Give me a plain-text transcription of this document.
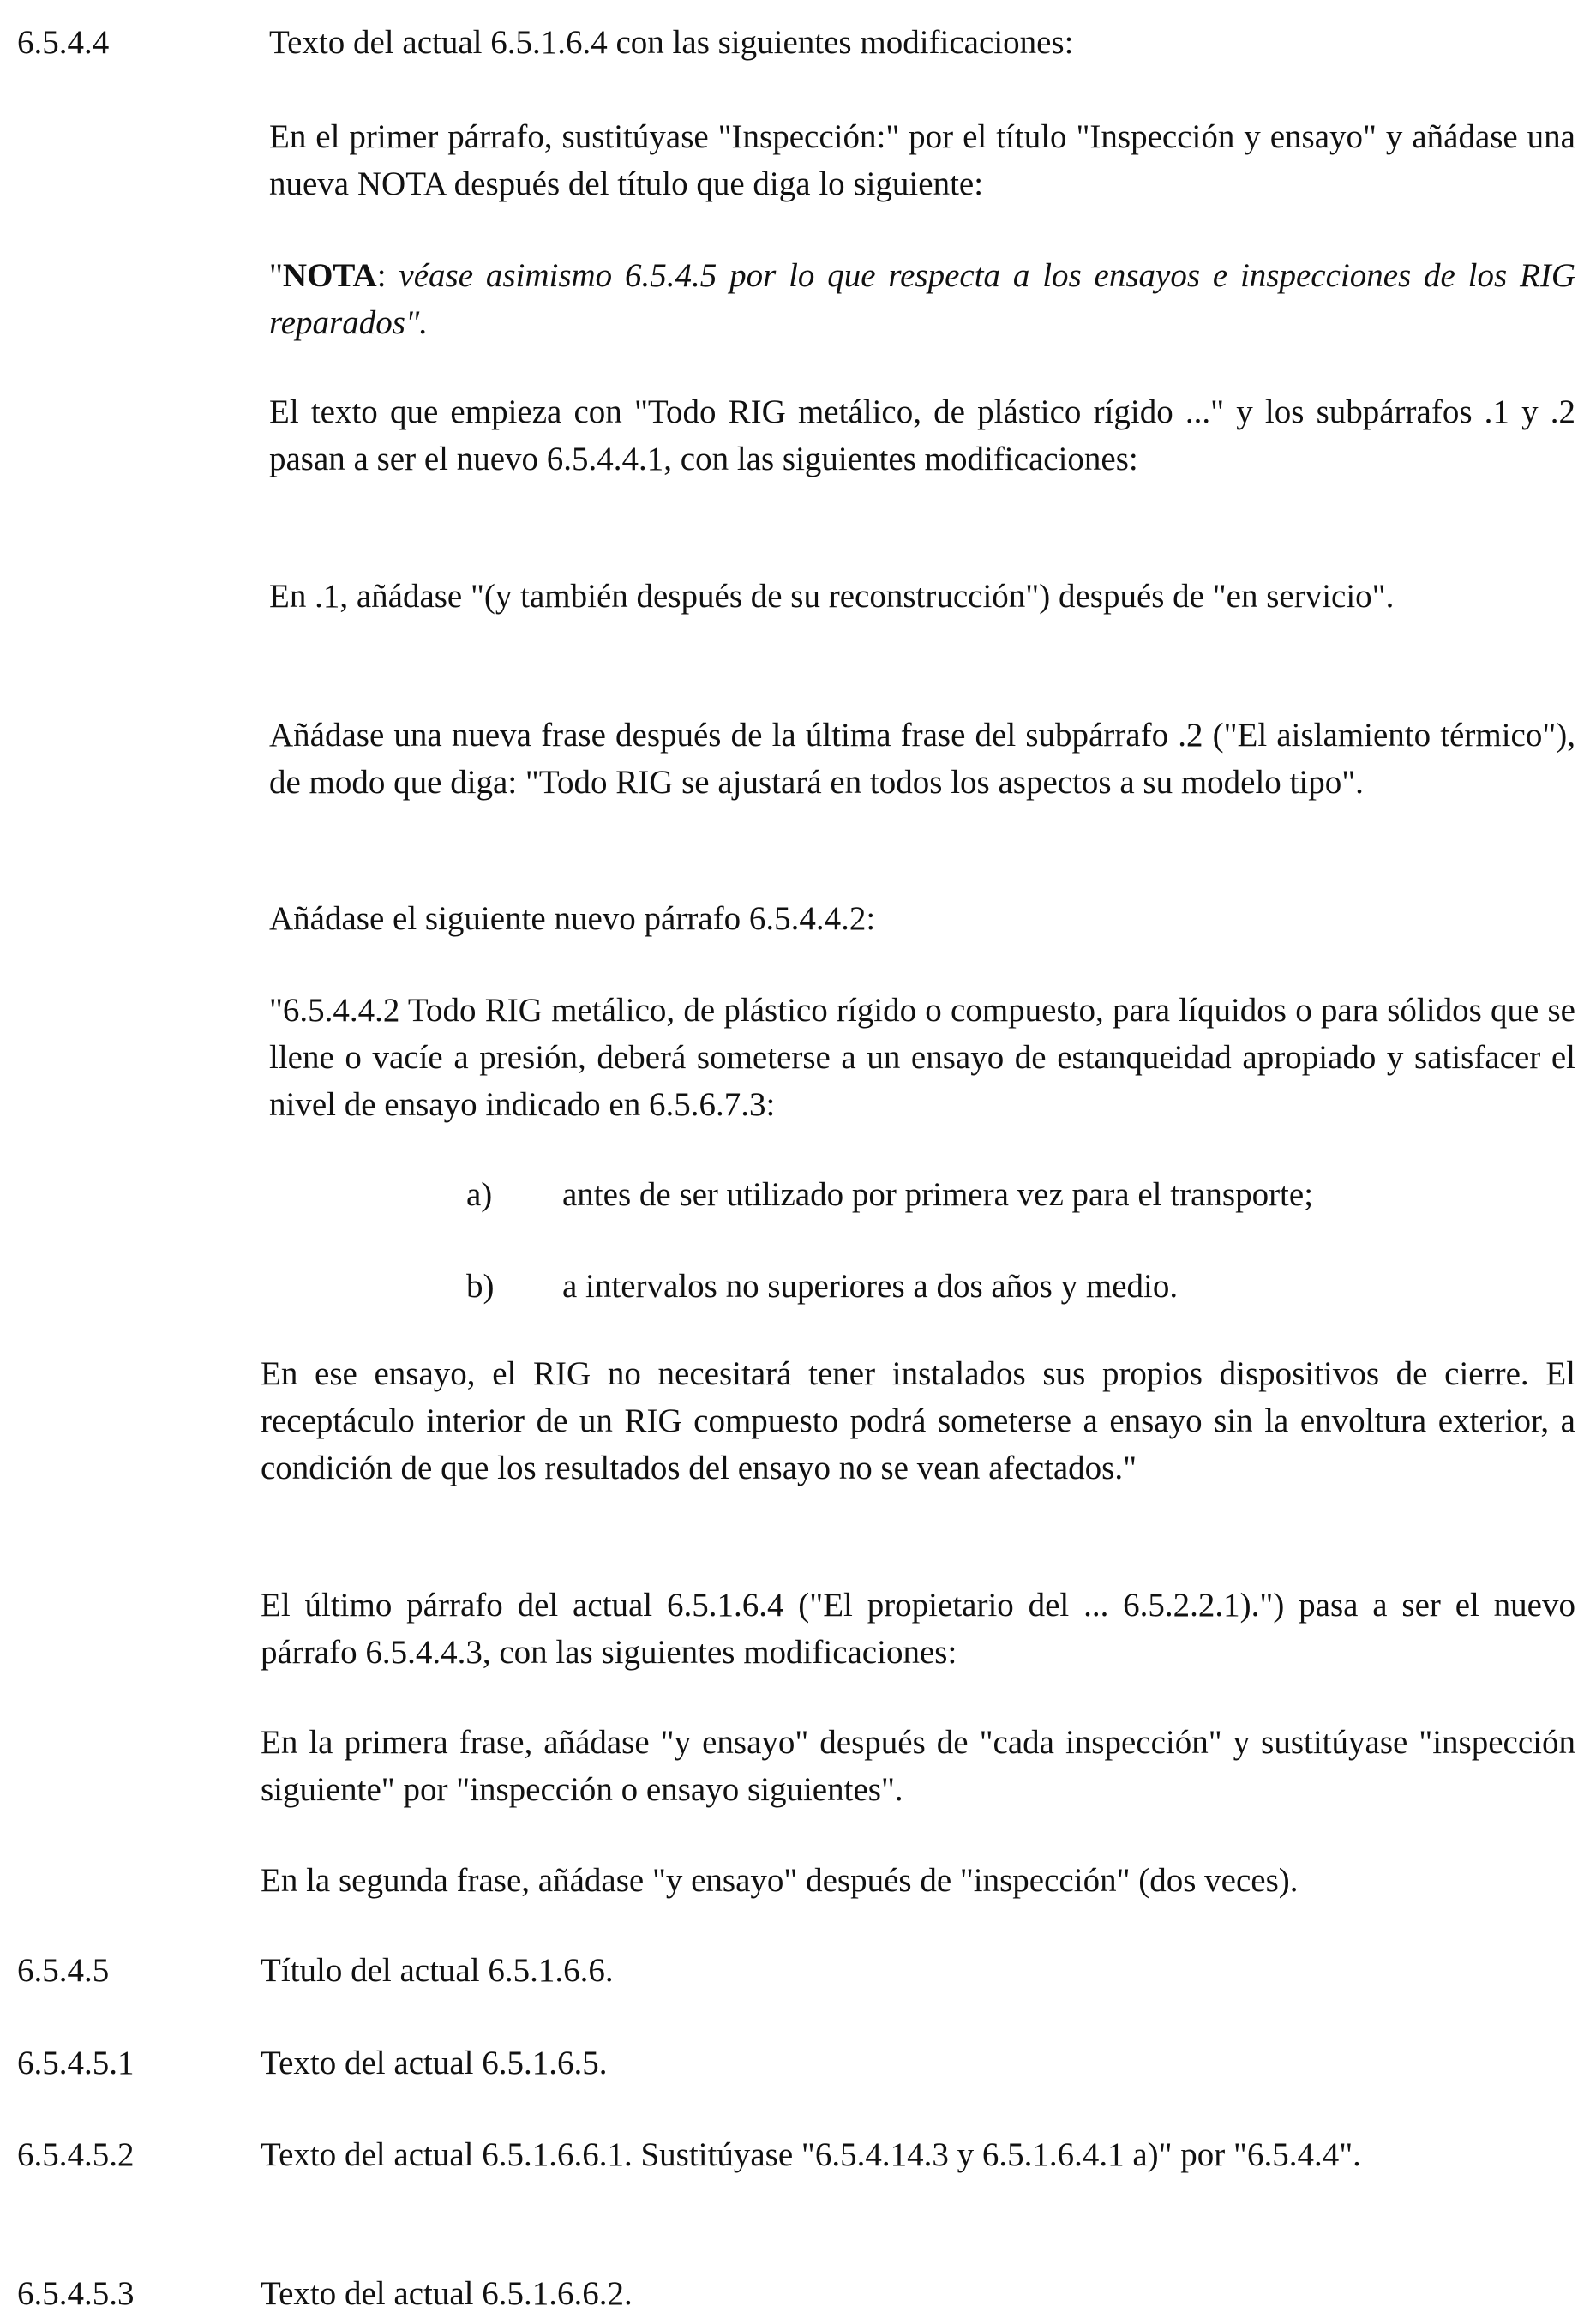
6.5.4.4	Texto del actual 6.5.1.6.4 con las siguientes modificaciones:
En el primer párrafo, sustitúyase "Inspección:" por el título "Inspección y ensayo" y añádase una nueva NOTA después del título que diga lo siguiente:
"NOTA: véase asimismo 6.5.4.5 por lo que respecta a los ensayos e inspecciones de los RIG reparados".
El texto que empieza con "Todo RIG metálico, de plástico rígido ..." y los subpárrafos .1 y .2 pasan a ser el nuevo 6.5.4.4.1, con las siguientes modificaciones:
En .1, añádase "(y también después de su reconstrucción") después de "en servicio".
Añádase una nueva frase después de la última frase del subpárrafo .2 ("El aislamiento térmico"), de modo que diga: "Todo RIG se ajustará en todos los aspectos a su modelo tipo".
Añádase el siguiente nuevo párrafo 6.5.4.4.2:
"6.5.4.4.2 Todo RIG metálico, de plástico rígido o compuesto, para líquidos o para sólidos que se llene o vacíe a presión, deberá someterse a un ensayo de estanqueidad apropiado y satisfacer el nivel de ensayo indicado en 6.5.6.7.3:
a) antes de ser utilizado por primera vez para el transporte;
b) a intervalos no superiores a dos años y medio.
En ese ensayo, el RIG no necesitará tener instalados sus propios dispositivos de cierre. El receptáculo interior de un RIG compuesto podrá someterse a ensayo sin la envoltura exterior, a condición de que los resultados del ensayo no se vean afectados."
El último párrafo del actual 6.5.1.6.4 ("El propietario del ... 6.5.2.2.1).") pasa a ser el nuevo párrafo 6.5.4.4.3, con las siguientes modificaciones:
En la primera frase, añádase "y ensayo" después de "cada inspección" y sustitúyase "inspección siguiente" por "inspección o ensayo siguientes".
En la segunda frase, añádase "y ensayo" después de "inspección" (dos veces).
6.5.4.5	Título del actual 6.5.1.6.6.
6.5.4.5.1	Texto del actual 6.5.1.6.5.
6.5.4.5.2	Texto del actual 6.5.1.6.6.1. Sustitúyase "6.5.4.14.3 y 6.5.1.6.4.1 a)" por "6.5.4.4".
6.5.4.5.3	Texto del actual 6.5.1.6.6.2.
